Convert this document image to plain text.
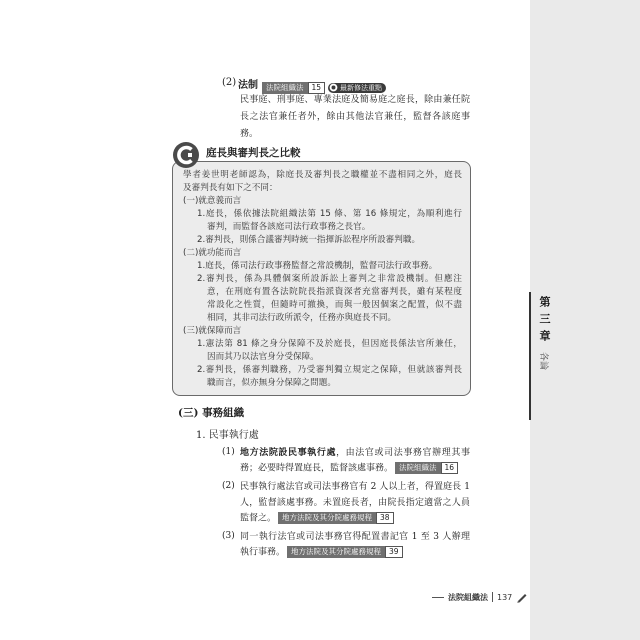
第三章
各論
(2) 法制	法院組織法	15	最新修法重點
民事庭、刑事庭、專業法庭及簡易庭之庭長，除由兼任院
長之法官兼任者外，餘由其他法官兼任，監督各該庭事
務。
庭長與審判長之比較
學者姜世明老師認為，除庭長及審判長之職權並不盡相同之外，庭長
及審判長有如下之不同：
(一)就意義而言
1.庭長，係依據法院組織法第 15 條、第 16 條規定，為順利進行
審判，而監督各該庭司法行政事務之長官。
2.審判長，則係合議審判時統一指揮訴訟程序所設審判職。
(二)就功能而言
1.庭長，係司法行政事務監督之常設機制，監督司法行政事務。
2.審判長，係為具體個案所設訴訟上審判之非常設機制。但應注
意，在刑庭有置各法院院長指派資深者充當審判長，雖有某程度
常設化之性質，但隨時可撤換，而與一般因個案之配置，似不盡
相同，其非司法行政所派令，任務亦與庭長不同。
(三)就保障而言
1.憲法第 81 條之身分保障不及於庭長，但因庭長係法官所兼任，
因而其乃以法官身分受保障。
2.審判長，係審判職務，乃受審判獨立規定之保障，但就該審判長
職而言，似亦無身分保障之問題。
(三) 事務組織
1. 民事執行處
(1) 地方法院設民事執行處，由法官或司法事務官辦理其事
務；必要時得置庭長，監督該處事務。 法院組織法	16
(2) 民事執行處法官或司法事務官有 2 人以上者，得置庭長 1
人，監督該處事務。未置庭長者，由院長指定適當之人員
監督之。 地方法院及其分院處務規程	38
(3) 同一執行法官或司法事務官得配置書記官 1 至 3 人辦理
執行事務。 地方法院及其分院處務規程	39
法院組織法 137
